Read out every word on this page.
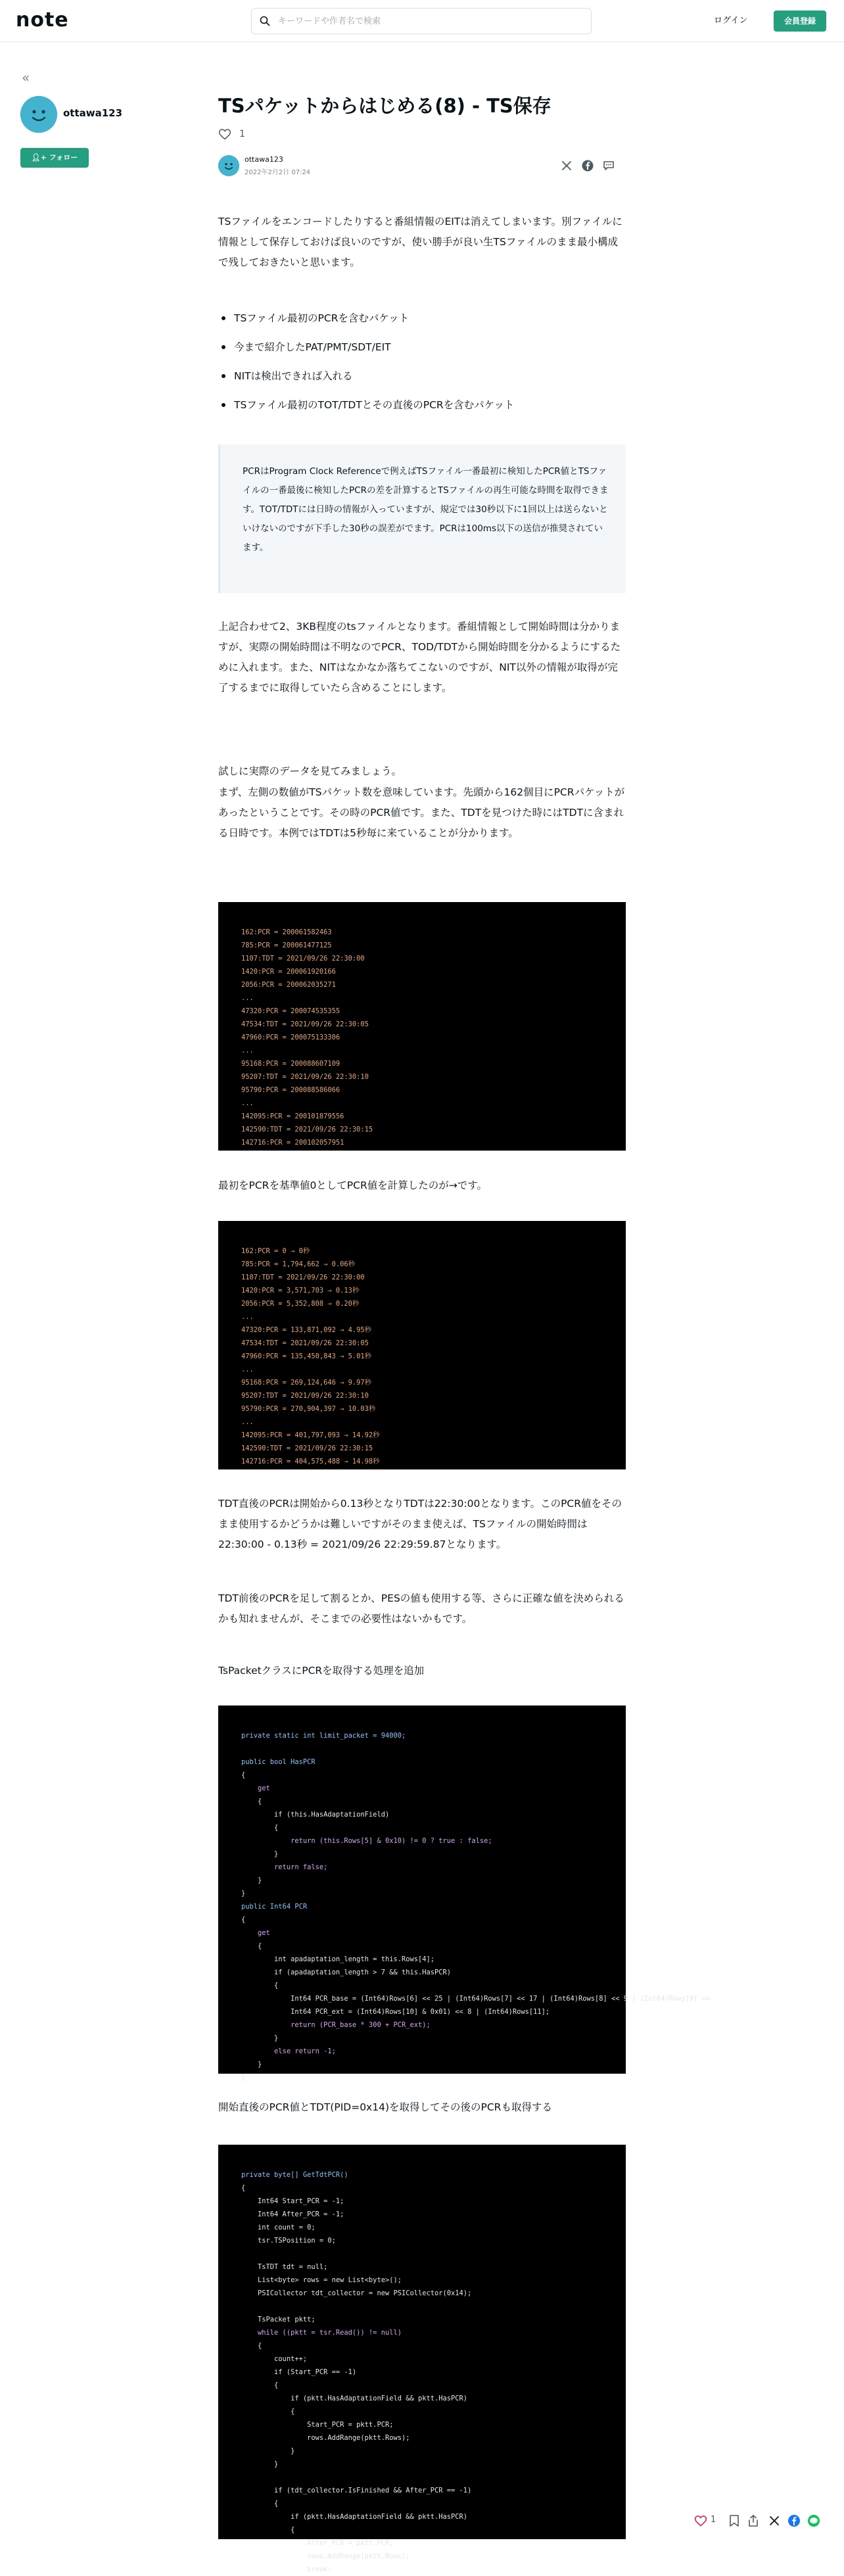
note
キーワードや作者名で検索	ログイン	会員登録
«
ottawa123
👤︎+ フォロー
TSパケットからはじめる(8) - TS保存
1
ottawa123
2022年2月2日 07:24
TSファイルをエンコードしたりすると番組情報のEITは消えてしまいます。別ファイルに情報として保存しておけば良いのですが、使い勝手が良い生TSファイルのまま最小構成で残しておきたいと思います。
TSファイル最初のPCRを含むパケット
今まで紹介したPAT/PMT/SDT/EIT
NITは検出できれば入れる
TSファイル最初のTOT/TDTとその直後のPCRを含むパケット
PCRはProgram Clock Referenceで例えばTSファイル一番最初に検知したPCR値とTSファイルの一番最後に検知したPCRの差を計算するとTSファイルの再生可能な時間を取得できます。TOT/TDTには日時の情報が入っていますが、規定では30秒以下に1回以上は送らないといけないのですが下手した30秒の誤差がでます。PCRは100ms以下の送信が推奨されています。
上記合わせて2、3KB程度のtsファイルとなります。番組情報として開始時間は分かりますが、実際の開始時間は不明なのでPCR、TOD/TDTから開始時間を分かるようにするために入れます。また、NITはなかなか落ちてこないのですが、NIT以外の情報が取得が完了するまでに取得していたら含めることにします。
試しに実際のデータを見てみましょう。
まず、左側の数値がTSパケット数を意味しています。先頭から162個目にPCRパケットがあったということです。その時のPCR値です。また、TDTを見つけた時にはTDTに含まれる日時です。本例ではTDTは5秒毎に来ていることが分かります。
162:PCR = 200061582463
785:PCR = 200061477125
1107:TDT = 2021/09/26 22:30:00
1420:PCR = 200061920166
2056:PCR = 200062035271
...
47320:PCR = 200074535355
47534:TDT = 2021/09/26 22:30:05
47960:PCR = 200075133306
...
95168:PCR = 200088607109
95207:TDT = 2021/09/26 22:30:10
95790:PCR = 200088586066
...
142095:PCR = 200101879556
142590:TDT = 2021/09/26 22:30:15
142716:PCR = 200102057951
最初をPCRを基準値0としてPCR値を計算したのが→です。
162:PCR = 0 → 0秒
785:PCR = 1,794,662 → 0.06秒
1107:TDT = 2021/09/26 22:30:00
1420:PCR = 3,571,703 → 0.13秒
2056:PCR = 5,352,808 → 0.20秒
...
47320:PCR = 133,871,092 → 4.95秒
47534:TDT = 2021/09/26 22:30:05
47960:PCR = 135,450,843 → 5.01秒
...
95168:PCR = 269,124,646 → 9.97秒
95207:TDT = 2021/09/26 22:30:10
95790:PCR = 270,904,397 → 10.03秒
...
142095:PCR = 401,797,093 → 14.92秒
142590:TDT = 2021/09/26 22:30:15
142716:PCR = 404,575,488 → 14.98秒
TDT直後のPCRは開始から0.13秒となりTDTは22:30:00となります。このPCR値をそのまま使用するかどうかは難しいですがそのまま使えば、TSファイルの開始時間は22:30:00 - 0.13秒 = 2021/09/26 22:29:59.87となります。
TDT前後のPCRを足して割るとか、PESの値も使用する等、さらに正確な値を決められるかも知れませんが、そこまでの必要性はないかもです。
TsPacketクラスにPCRを取得する処理を追加
private static int limit_packet = 94000;

public bool HasPCR
{
get
{
if (this.HasAdaptationField)
{
return (this.Rows[5] & 0x10) != 0 ? true : false;
}
return false;
}
}
public Int64 PCR
{
get
{
int apadaptation_length = this.Rows[4];
if (apadaptation_length > 7 && this.HasPCR)
{
Int64 PCR_base = (Int64)Rows[6] << 25 | (Int64)Rows[7] << 17 | (Int64)Rows[8] << 9 | (Int64)Rows[9] <<
Int64 PCR_ext = (Int64)Rows[10] & 0x01) << 8 | (Int64)Rows[11];
return (PCR_base * 300 + PCR_ext);
}
else return -1;
}
}
開始直後のPCR値とTDT(PID=0x14)を取得してその後のPCRも取得する
private byte[] GetTdtPCR()
{
Int64 Start_PCR = -1;
Int64 After_PCR = -1;
int count = 0;
tsr.TSPosition = 0;

TsTDT tdt = null;
List<byte> rows = new List<byte>();
PSICollector tdt_collector = new PSICollector(0x14);

TsPacket pktt;
while ((pktt = tsr.Read()) != null)
{
count++;
if (Start_PCR == -1)
{
if (pktt.HasAdaptationField && pktt.HasPCR)
{
Start_PCR = pktt.PCR;
rows.AddRange(pktt.Rows);
}
}

if (tdt_collector.IsFinished && After_PCR == -1)
{
if (pktt.HasAdaptationField && pktt.HasPCR)
{
After_PCR = pktt.PCR;
rows.AddRange(pktt.Rows);
break;
1
